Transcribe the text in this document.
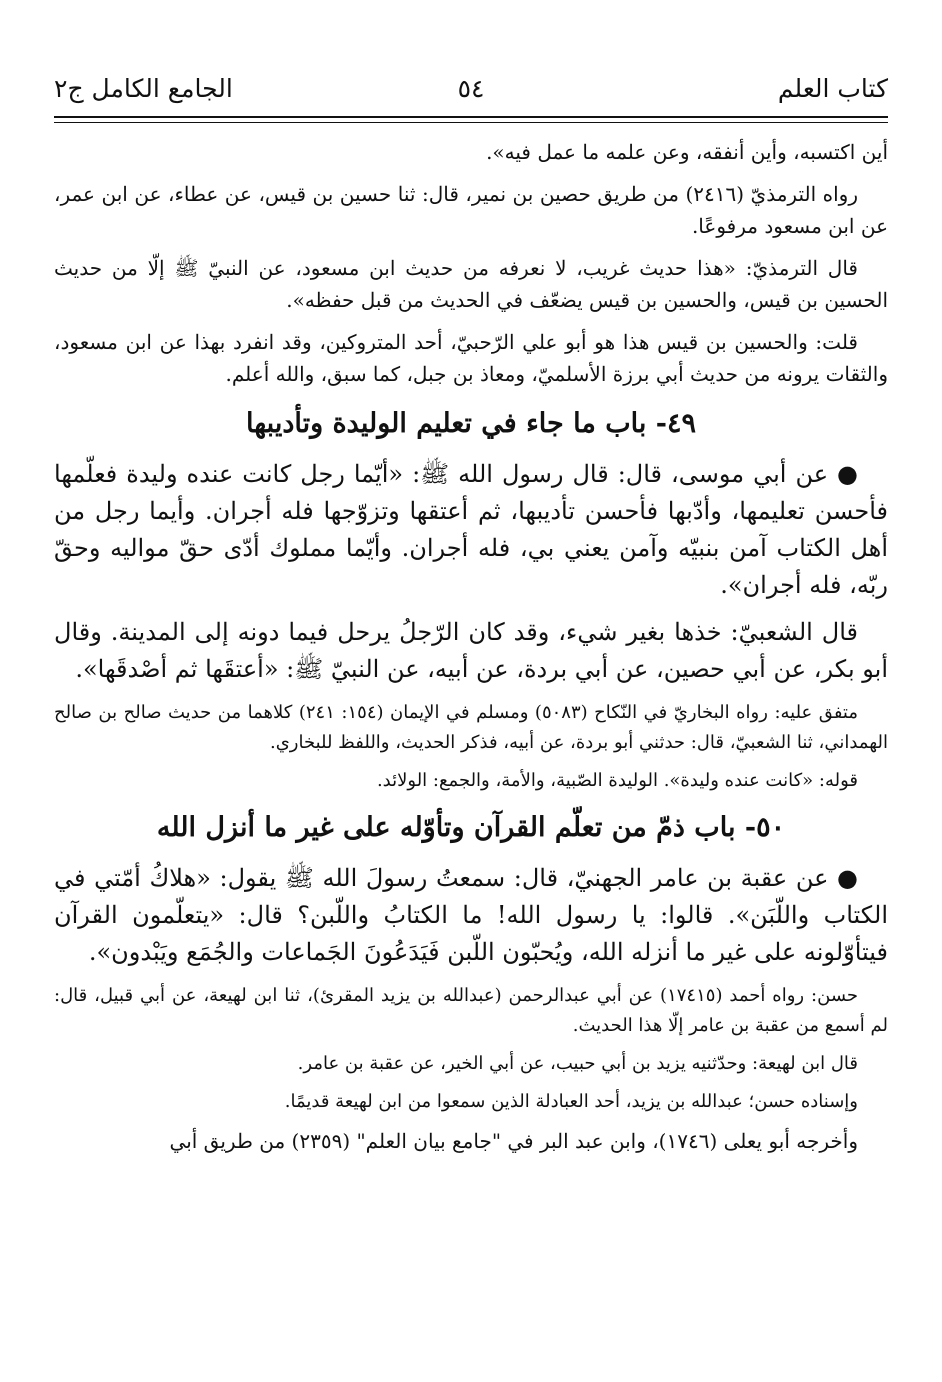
كتاب العلم
٥٤
الجامع الكامل ج٢

أين اكتسبه، وأين أنفقه، وعن علمه ما عمل فيه».

رواه الترمذيّ (٢٤١٦) من طريق حصين بن نمير، قال: ثنا حسين بن قيس، عن عطاء، عن ابن عمر، عن ابن مسعود مرفوعًا.

قال الترمذيّ: «هذا حديث غريب، لا نعرفه من حديث ابن مسعود، عن النبيّ ﷺ إلّا من حديث الحسين بن قيس، والحسين بن قيس يضعّف في الحديث من قبل حفظه».

قلت: والحسين بن قيس هذا هو أبو علي الرّحبيّ، أحد المتروكين، وقد انفرد بهذا عن ابن مسعود، والثقات يرونه من حديث أبي برزة الأسلميّ، ومعاذ بن جبل، كما سبق، والله أعلم.

٤٩- باب ما جاء في تعليم الوليدة وتأديبها

● عن أبي موسى، قال: قال رسول الله ﷺ: «أيّما رجل كانت عنده وليدة فعلّمها فأحسن تعليمها، وأدّبها فأحسن تأديبها، ثم أعتقها وتزوّجها فله أجران. وأيما رجل من أهل الكتاب آمن بنبيّه وآمن يعني بي، فله أجران. وأيّما مملوك أدّى حقّ مواليه وحقّ ربّه، فله أجران».

قال الشعبيّ: خذها بغير شيء، وقد كان الرّجلُ يرحل فيما دونه إلى المدينة. وقال أبو بكر، عن أبي حصين، عن أبي بردة، عن أبيه، عن النبيّ ﷺ: «أعتقَها ثم أصْدقَها».

متفق عليه: رواه البخاريّ في النّكاح (٥٠٨٣) ومسلم في الإيمان (١٥٤: ٢٤١) كلاهما من حديث صالح بن صالح الهمداني، ثنا الشعبيّ، قال: حدثني أبو بردة، عن أبيه، فذكر الحديث، واللفظ للبخاري.

قوله: «كانت عنده وليدة». الوليدة الصّبية، والأمة، والجمع: الولائد.

٥٠- باب ذمّ من تعلّم القرآن وتأوّله على غير ما أنزل الله

● عن عقبة بن عامر الجهنيّ، قال: سمعتُ رسولَ الله ﷺ يقول: «هلاكُ أمّتي في الكتاب واللّبَن». قالوا: يا رسول الله! ما الكتابُ واللّبن؟ قال: «يتعلّمون القرآن فيتأوّلونه على غير ما أنزله الله، ويُحبّون اللّبن فَيَدَعُونَ الجَماعات والجُمَع ويَبْدون».

حسن: رواه أحمد (١٧٤١٥) عن أبي عبدالرحمن (عبدالله بن يزيد المقرئ)، ثنا ابن لهيعة، عن أبي قبيل، قال: لم أسمع من عقبة بن عامر إلّا هذا الحديث.

قال ابن لهيعة: وحدّثنيه يزيد بن أبي حبيب، عن أبي الخير، عن عقبة بن عامر.

وإسناده حسن؛ عبدالله بن يزيد، أحد العبادلة الذين سمعوا من ابن لهيعة قديمًا.

وأخرجه أبو يعلى (١٧٤٦)، وابن عبد البر في "جامع بيان العلم" (٢٣٥٩) من طريق أبي
